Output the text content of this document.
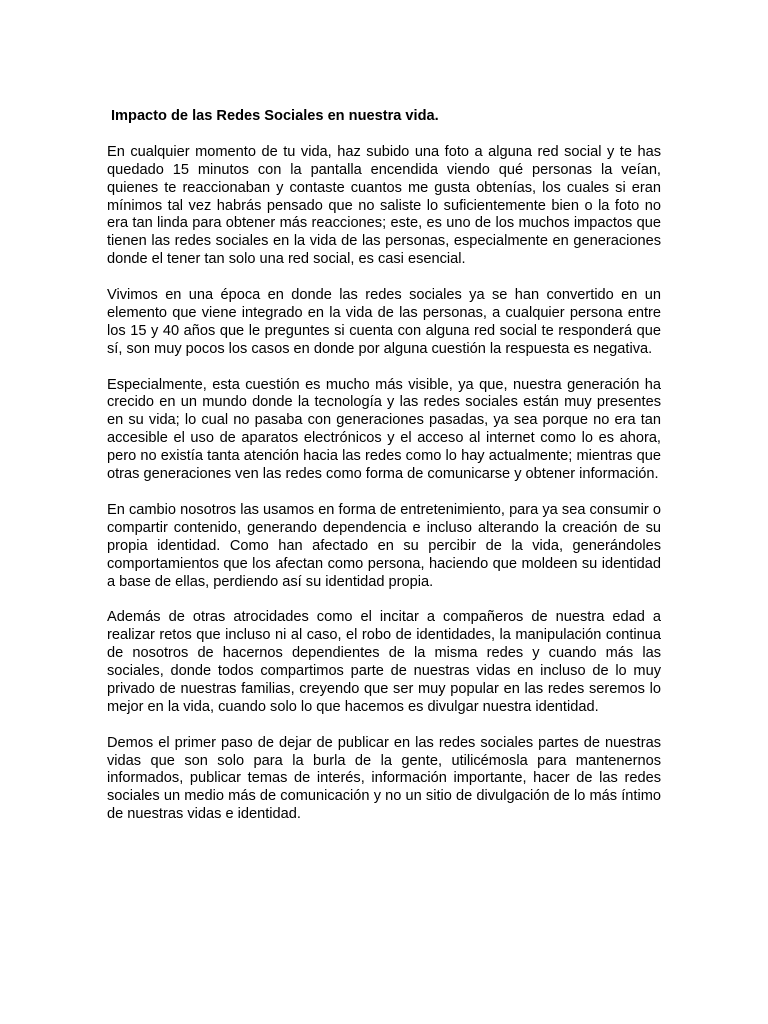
Impacto de las Redes Sociales en nuestra vida.

En cualquier momento de tu vida, haz subido una foto a alguna red social y te has quedado 15 minutos con la pantalla encendida viendo qué personas la veían, quienes te reaccionaban y contaste cuantos me gusta obtenías, los cuales si eran mínimos tal vez habrás pensado que no saliste lo suficientemente bien o la foto no era tan linda para obtener más reacciones; este, es uno de los muchos impactos que tienen las redes sociales en la vida de las personas, especialmente en generaciones donde el tener tan solo una red social, es casi esencial.

Vivimos en una época en donde las redes sociales ya se han convertido en un elemento que viene integrado en la vida de las personas, a cualquier persona entre los 15 y 40 años que le preguntes si cuenta con alguna red social te responderá que sí, son muy pocos los casos en donde por alguna cuestión la respuesta es negativa.

Especialmente, esta cuestión es mucho más visible, ya que, nuestra generación ha crecido en un mundo donde la tecnología y las redes sociales están muy presentes en su vida; lo cual no pasaba con generaciones pasadas, ya sea porque no era tan accesible el uso de aparatos electrónicos y el acceso al internet como lo es ahora, pero no existía tanta atención hacia las redes como lo hay actualmente; mientras que otras generaciones ven las redes como forma de comunicarse y obtener información.

En cambio nosotros las usamos en forma de entretenimiento, para ya sea consumir o compartir contenido, generando dependencia e incluso alterando la creación de su propia identidad. Como han afectado en su percibir de la vida, generándoles comportamientos que los afectan como persona, haciendo que moldeen su identidad a base de ellas, perdiendo así su identidad propia.

Además de otras atrocidades como el incitar a compañeros de nuestra edad a realizar retos que incluso ni al caso, el robo de identidades, la manipulación continua de nosotros de hacernos dependientes de la misma redes y cuando más las sociales, donde todos compartimos parte de nuestras vidas en incluso de lo muy privado de nuestras familias, creyendo que ser muy popular en las redes seremos lo mejor en la vida, cuando solo lo que hacemos es divulgar nuestra identidad.

Demos el primer paso de dejar de publicar en las redes sociales partes de nuestras vidas que son solo para la burla de la gente, utilicémosla para mantenernos informados, publicar temas de interés, información importante, hacer de las redes sociales un medio más de comunicación y no un sitio de divulgación de lo más íntimo de nuestras vidas e identidad.
